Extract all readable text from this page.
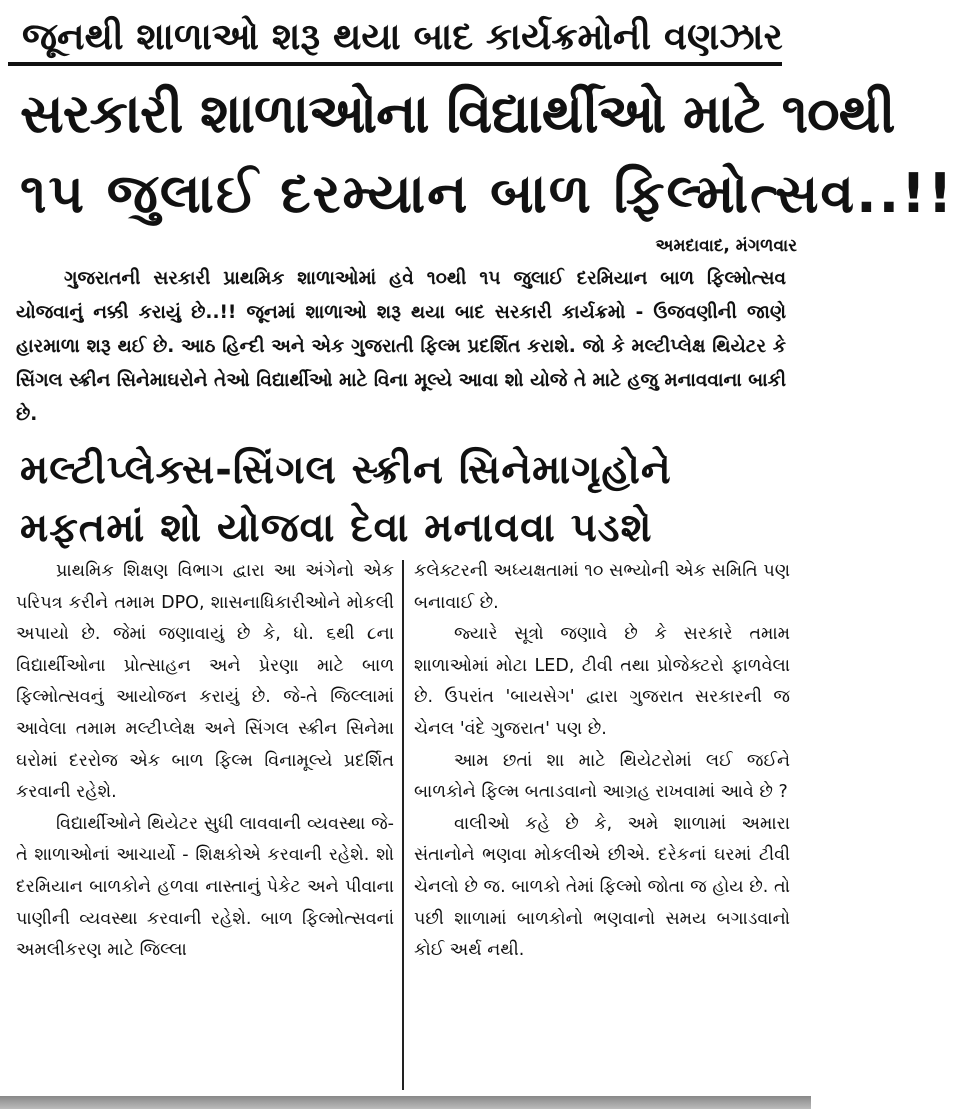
જૂનથી શાળાઓ શરૂ થયા બાદ કાર્યક્રમોની વણઝાર
સરકારી શાળાઓના વિદ્યાર્થીઓ માટે ૧૦થી
૧૫ જુલાઈ દરમ્યાન બાળ ફિલ્મોત્સવ..!!
અમદાવાદ, મંગળવાર

ગુજરાતની સરકારી પ્રાથમિક શાળાઓમાં હવે ૧૦થી ૧૫ જુલાઈ દરમિયાન બાળ ફિલ્મોત્સવ યોજવાનું નક્કી કરાયું છે..!! જૂનમાં શાળાઓ શરૂ થયા બાદ સરકારી કાર્યક્રમો - ઉજવણીની જાણે હારમાળા શરૂ થઈ છે. આઠ હિન્દી અને એક ગુજરાતી ફિલ્મ પ્રદર્શિત કરાશે. જો કે મલ્ટીપ્લેક્ષ થિયેટર કે સિંગલ સ્ક્રીન સિનેમાઘરોને તેઓ વિદ્યાર્થીઓ માટે વિના મૂલ્યે આવા શો યોજે તે માટે હજુ મનાવવાના બાકી છે.

મલ્ટીપ્લેક્સ-સિંગલ સ્ક્રીન સિનેમાગૃહોને
મફતમાં શો યોજવા દેવા મનાવવા પડશે

પ્રાથમિક શિક્ષણ વિભાગ દ્વારા આ અંગેનો એક પરિપત્ર કરીને તમામ DPO, શાસનાધિકારીઓને મોકલી અપાયો છે. જેમાં જણાવાયું છે કે, ધો. ૬થી ૮ના વિદ્યાર્થીઓના પ્રોત્સાહન અને પ્રેરણા માટે બાળ ફિલ્મોત્સવનું આયોજન કરાયું છે. જે-તે જિલ્લામાં આવેલા તમામ મલ્ટીપ્લેક્ષ અને સિંગલ સ્ક્રીન સિનેમા ઘરોમાં દરરોજ એક બાળ ફિલ્મ વિનામૂલ્યે પ્રદર્શિત કરવાની રહેશે.

વિદ્યાર્થીઓને થિયેટર સુધી લાવવાની વ્યવસ્થા જે-તે શાળાઓનાં આચાર્યો - શિક્ષકોએ કરવાની રહેશે. શો દરમિયાન બાળકોને હળવા નાસ્તાનું પેકેટ અને પીવાના પાણીની વ્યવસ્થા કરવાની રહેશે. બાળ ફિલ્મોત્સવનાં અમલીકરણ માટે જિલ્લા

કલેક્ટરની અધ્યક્ષતામાં ૧૦ સભ્યોની એક સમિતિ પણ બનાવાઈ છે.

જ્યારે સૂત્રો જણાવે છે કે સરકારે તમામ શાળાઓમાં મોટા LED, ટીવી તથા પ્રોજેક્ટરો ફાળવેલા છે. ઉપરાંત 'બાયસેગ' દ્વારા ગુજરાત સરકારની જ ચેનલ 'વંદે ગુજરાત' પણ છે.

આમ છતાં શા માટે થિયેટરોમાં લઈ જઈને બાળકોને ફિલ્મ બતાડવાનો આગ્રહ રાખવામાં આવે છે ?

વાલીઓ કહે છે કે, અમે શાળામાં અમારા સંતાનોને ભણવા મોકલીએ છીએ. દરેકનાં ઘરમાં ટીવી ચેનલો છે જ. બાળકો તેમાં ફિલ્મો જોતા જ હોય છે. તો પછી શાળામાં બાળકોનો ભણવાનો સમય બગાડવાનો કોઈ અર્થ નથી.
